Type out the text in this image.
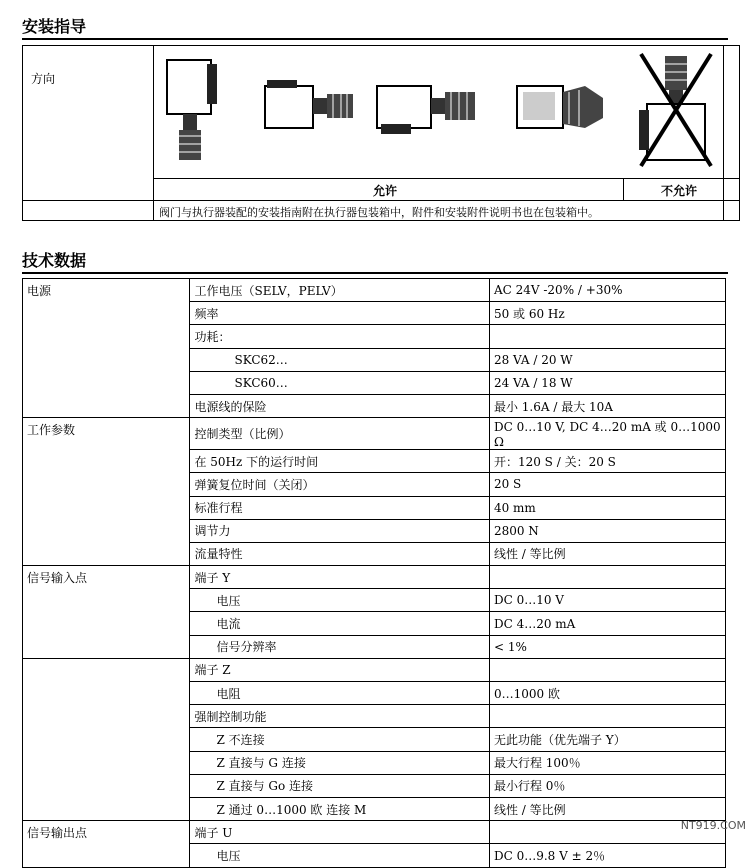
安装指导
方向
允许	不允许
阀门与执行器装配的安装指南附在执行器包装箱中，附件和安装附件说明书也在包装箱中。
技术数据
电源	工作电压（SELV，PELV）	AC 24V -20% / +30%
	频率	50 或 60 Hz
	功耗：	
	SKC62…	28 VA / 20 W
	SKC60…	24 VA / 18 W
	电源线的保险	最小 1.6A / 最大 10A
工作参数	控制类型（比例）	DC 0…10 V, DC 4…20 mA 或 0…1000 Ω
	在 50Hz 下的运行时间	开：120 S / 关：20 S
	弹簧复位时间（关闭）	20 S
	标准行程	40 mm
	调节力	2800 N
	流量特性	线性 / 等比例
信号输入点	端子 Y	
	电压	DC 0…10 V
	电流	DC 4…20 mA
	信号分辨率	< 1%
	端子 Z	
	电阻	0…1000 欧
	强制控制功能	
	Z 不连接	无此功能（优先端子 Y）
	Z 直接与 G 连接	最大行程 100％
	Z 直接与 Go 连接	最小行程 0％
	Z 通过 0…1000 欧 连接 M	线性 / 等比例
信号输出点	端子 U	
	电压	DC 0…9.8 V ± 2％
NT919.COM
